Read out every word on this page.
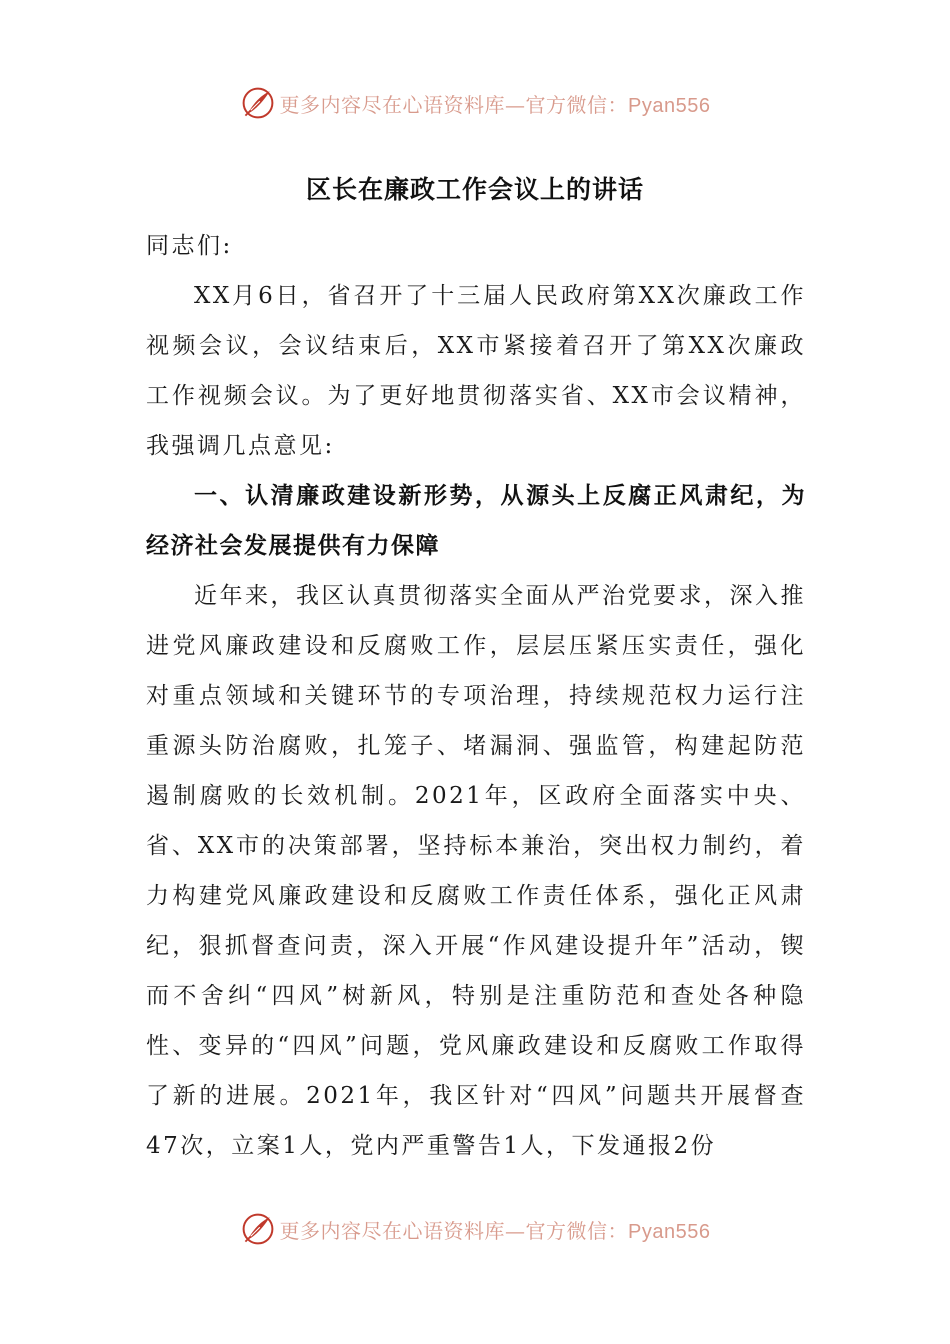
更多内容尽在心语资料库—官方微信：Pyan556
区长在廉政工作会议上的讲话

同志们:

XX月6日，省召开了十三届人民政府第XX次廉政工作视频会议，会议结束后，XX市紧接着召开了第XX次廉政工作视频会议。为了更好地贯彻落实省、XX市会议精神，我强调几点意见:

一、认清廉政建设新形势，从源头上反腐正风肃纪，为经济社会发展提供有力保障

近年来，我区认真贯彻落实全面从严治党要求，深入推进党风廉政建设和反腐败工作，层层压紧压实责任，强化对重点领域和关键环节的专项治理，持续规范权力运行注重源头防治腐败，扎笼子、堵漏洞、强监管，构建起防范遏制腐败的长效机制。2021年，区政府全面落实中央、省、XX市的决策部署，坚持标本兼治，突出权力制约，着力构建党风廉政建设和反腐败工作责任体系，强化正风肃纪，狠抓督查问责，深入开展“作风建设提升年”活动，锲而不舍纠“四风”树新风，特别是注重防范和查处各种隐性、变异的“四风”问题，党风廉政建设和反腐败工作取得了新的进展。2021年，我区针对“四风”问题共开展督查47次，立案1人，党内严重警告1人，下发通报2份

更多内容尽在心语资料库—官方微信：Pyan556
